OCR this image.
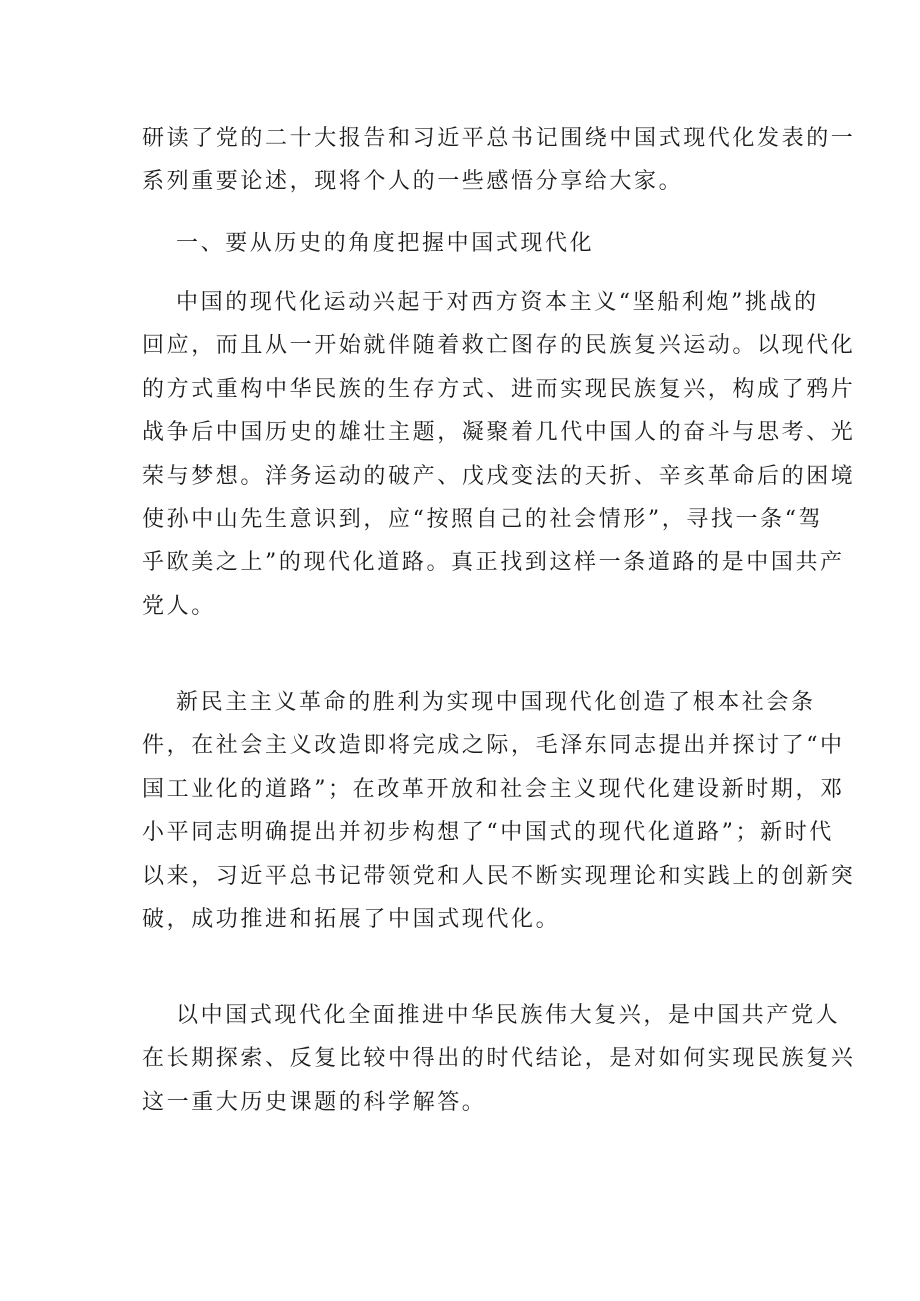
研读了党的二十大报告和习近平总书记围绕中国式现代化发表的一
系列重要论述，现将个人的一些感悟分享给大家。
一、要从历史的角度把握中国式现代化
中国的现代化运动兴起于对西方资本主义“坚船利炮”挑战的
回应，而且从一开始就伴随着救亡图存的民族复兴运动。以现代化
的方式重构中华民族的生存方式、进而实现民族复兴，构成了鸦片
战争后中国历史的雄壮主题，凝聚着几代中国人的奋斗与思考、光
荣与梦想。洋务运动的破产、戊戌变法的天折、辛亥革命后的困境
使孙中山先生意识到，应“按照自己的社会情形”，寻找一条“驾
乎欧美之上”的现代化道路。真正找到这样一条道路的是中国共产
党人。
新民主主义革命的胜利为实现中国现代化创造了根本社会条
件，在社会主义改造即将完成之际，毛泽东同志提出并探讨了“中
国工业化的道路”；在改革开放和社会主义现代化建设新时期，邓
小平同志明确提出并初步构想了“中国式的现代化道路”；新时代
以来，习近平总书记带领党和人民不断实现理论和实践上的创新突
破，成功推进和拓展了中国式现代化。
以中国式现代化全面推进中华民族伟大复兴，是中国共产党人
在长期探索、反复比较中得出的时代结论，是对如何实现民族复兴
这一重大历史课题的科学解答。
